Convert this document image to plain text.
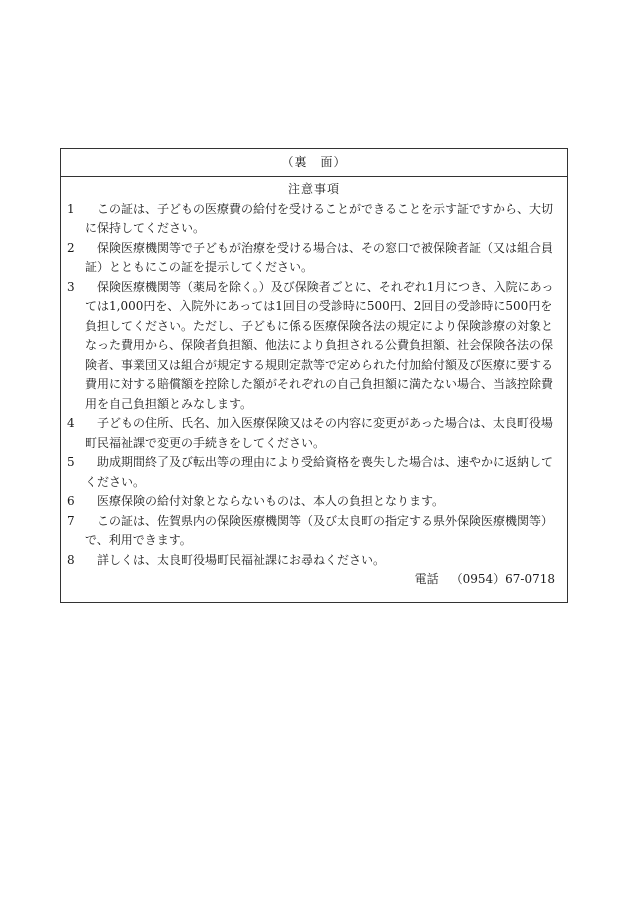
（裏　面）
注意事項
1	この証は、子どもの医療費の給付を受けることができることを示す証ですから、大切に保持してください。
2	保険医療機関等で子どもが治療を受ける場合は、その窓口で被保険者証（又は組合員証）とともにこの証を提示してください。
3	保険医療機関等（薬局を除く。）及び保険者ごとに、それぞれ1月につき、入院にあっては1,000円を、入院外にあっては1回目の受診時に500円、2回目の受診時に500円を負担してください。ただし、子どもに係る医療保険各法の規定により保険診療の対象となった費用から、保険者負担額、他法により負担される公費負担額、社会保険各法の保険者、事業団又は組合が規定する規則定款等で定められた付加給付額及び医療に要する費用に対する賠償額を控除した額がそれぞれの自己負担額に満たない場合、当該控除費用を自己負担額とみなします。
4	子どもの住所、氏名、加入医療保険又はその内容に変更があった場合は、太良町役場町民福祉課で変更の手続きをしてください。
5	助成期間終了及び転出等の理由により受給資格を喪失した場合は、速やかに返納してください。
6	医療保険の給付対象とならないものは、本人の負担となります。
7	この証は、佐賀県内の保険医療機関等（及び太良町の指定する県外保険医療機関等）で、利用できます。
8	詳しくは、太良町役場町民福祉課にお尋ねください。
電話 （0954）67-0718
